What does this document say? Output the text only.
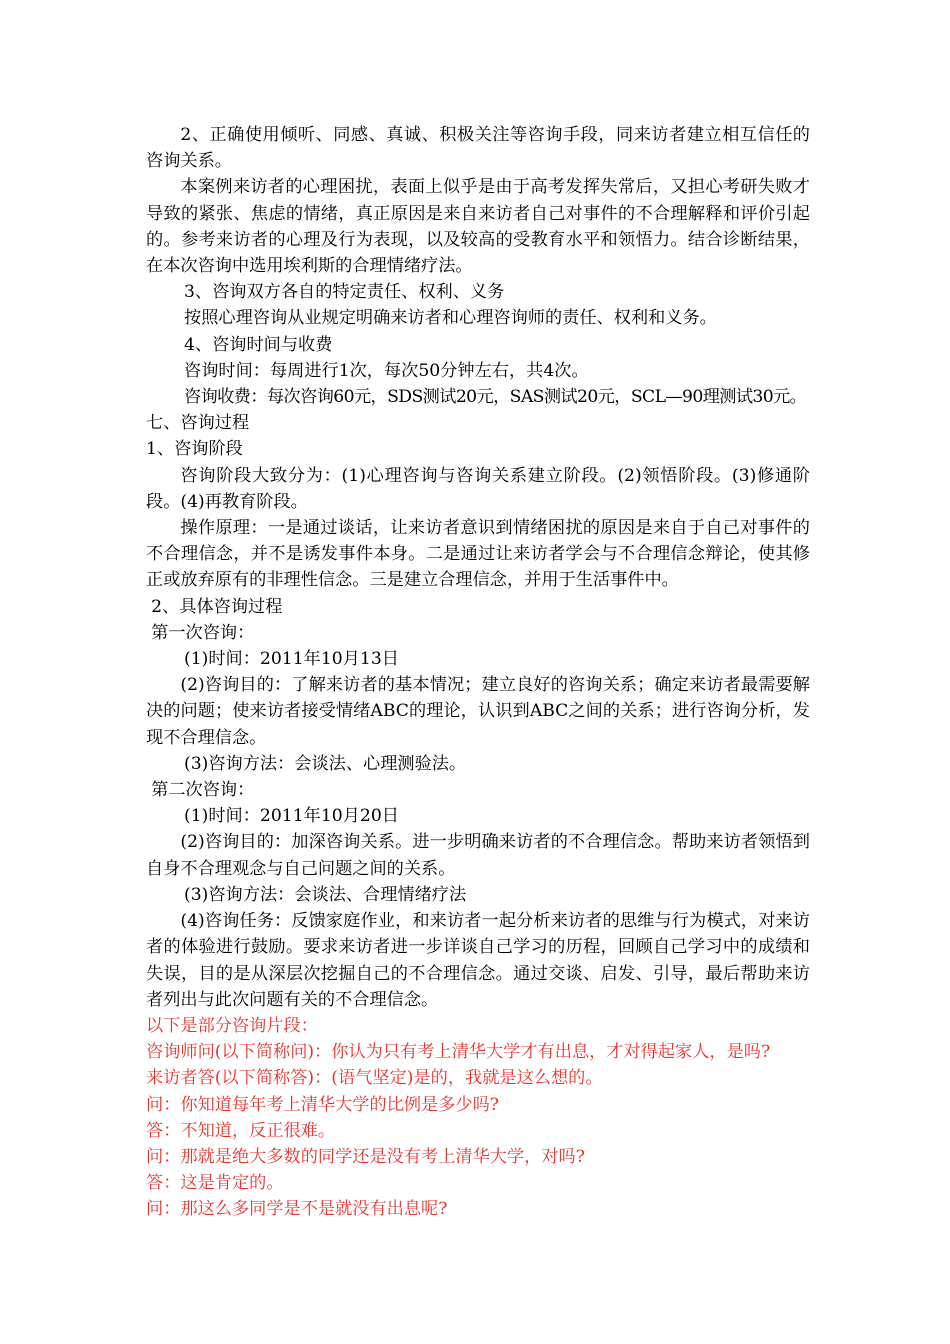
2、正确使用倾听、同感、真诚、积极关注等咨询手段，同来访者建立相互信任的咨询关系。

本案例来访者的心理困扰，表面上似乎是由于高考发挥失常后，又担心考研失败才导致的紧张、焦虑的情绪，真正原因是来自来访者自己对事件的不合理解释和评价引起的。参考来访者的心理及行为表现，以及较高的受教育水平和领悟力。结合诊断结果，在本次咨询中选用埃利斯的合理情绪疗法。

3、咨询双方各自的特定责任、权利、义务

按照心理咨询从业规定明确来访者和心理咨询师的责任、权利和义务。

4、咨询时间与收费

咨询时间：每周进行1次，每次50分钟左右，共4次。

咨询收费：每次咨询60元，SDS测试20元，SAS测试20元，SCL—90理测试30元。

七、咨询过程

1、咨询阶段

咨询阶段大致分为：(1)心理咨询与咨询关系建立阶段。(2)领悟阶段。(3)修通阶段。(4)再教育阶段。

操作原理：一是通过谈话，让来访者意识到情绪困扰的原因是来自于自己对事件的不合理信念，并不是诱发事件本身。二是通过让来访者学会与不合理信念辩论，使其修正或放弃原有的非理性信念。三是建立合理信念，并用于生活事件中。

2、具体咨询过程

第一次咨询：

(1)时间：2011年10月13日

(2)咨询目的：了解来访者的基本情况；建立良好的咨询关系；确定来访者最需要解决的问题；使来访者接受情绪ABC的理论，认识到ABC之间的关系；进行咨询分析，发现不合理信念。

(3)咨询方法：会谈法、心理测验法。

第二次咨询：

(1)时间：2011年10月20日

(2)咨询目的：加深咨询关系。进一步明确来访者的不合理信念。帮助来访者领悟到自身不合理观念与自己问题之间的关系。

(3)咨询方法：会谈法、合理情绪疗法

(4)咨询任务：反馈家庭作业，和来访者一起分析来访者的思维与行为模式，对来访者的体验进行鼓励。要求来访者进一步详谈自己学习的历程，回顾自己学习中的成绩和失误，目的是从深层次挖掘自己的不合理信念。通过交谈、启发、引导，最后帮助来访者列出与此次问题有关的不合理信念。

以下是部分咨询片段：

咨询师问(以下简称问)：你认为只有考上清华大学才有出息，才对得起家人，是吗?

来访者答(以下简称答)：(语气坚定)是的，我就是这么想的。

问：你知道每年考上清华大学的比例是多少吗?

答：不知道，反正很难。

问：那就是绝大多数的同学还是没有考上清华大学，对吗?

答：这是肯定的。

问：那这么多同学是不是就没有出息呢?
